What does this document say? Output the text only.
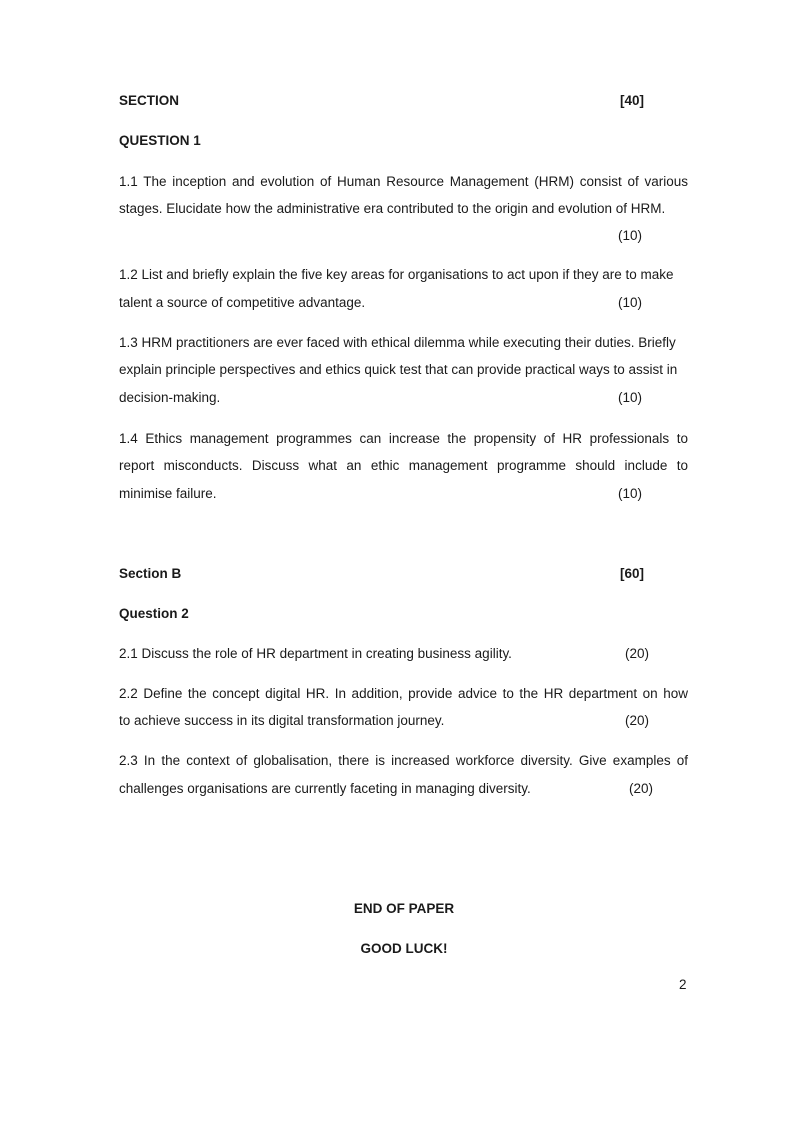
SECTION	[40]
QUESTION 1
1.1 The inception and evolution of Human Resource Management (HRM) consist of various
stages. Elucidate how the administrative era contributed to the origin and evolution of HRM.
(10)
1.2 List and briefly explain the five key areas for organisations to act upon if they are to make
talent a source of competitive advantage.	(10)
1.3 HRM practitioners are ever faced with ethical dilemma while executing their duties. Briefly
explain principle perspectives and ethics quick test that can provide practical ways to assist in
decision-making.	(10)
1.4 Ethics management programmes can increase the propensity of HR professionals to
report misconducts. Discuss what an ethic management programme should include to
minimise failure.	(10)
Section B	[60]
Question 2
2.1 Discuss the role of HR department in creating business agility.	(20)
2.2 Define the concept digital HR. In addition, provide advice to the HR department on how
to achieve success in its digital transformation journey.	(20)
2.3 In the context of globalisation, there is increased workforce diversity. Give examples of
challenges organisations are currently faceting in managing diversity.	(20)
END OF PAPER
GOOD LUCK!
2
